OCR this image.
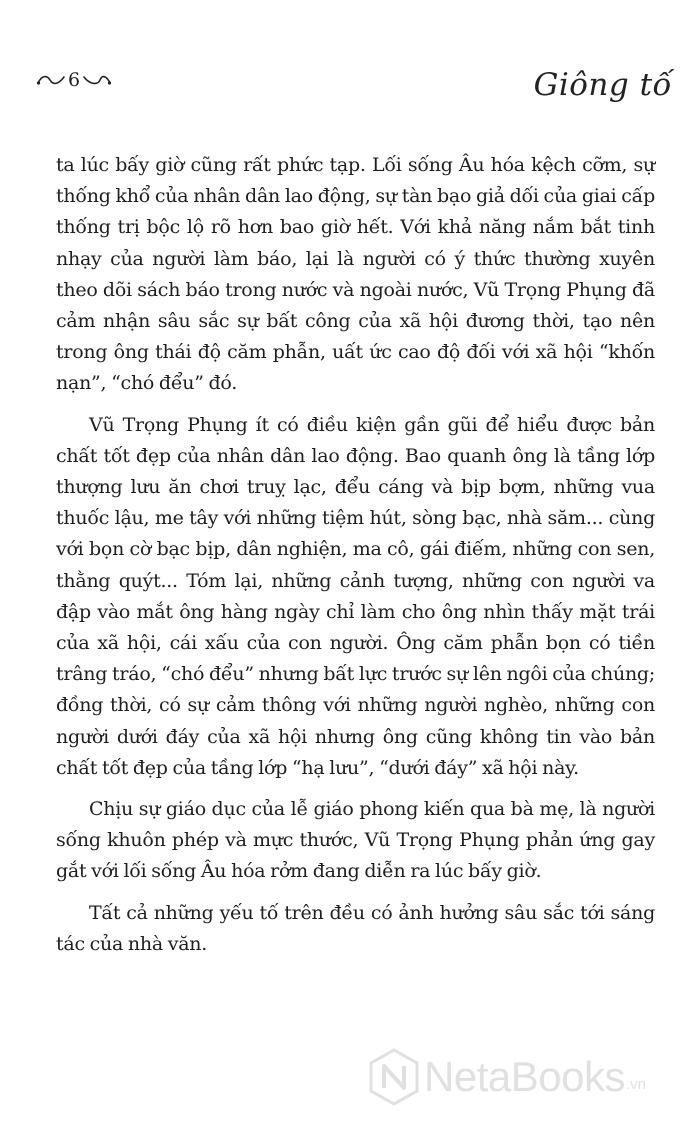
6	Giông tố

ta lúc bấy giờ cũng rất phức tạp. Lối sống Âu hóa kệch cỡm, sự thống khổ của nhân dân lao động, sự tàn bạo giả dối của giai cấp thống trị bộc lộ rõ hơn bao giờ hết. Với khả năng nắm bắt tinh nhạy của người làm báo, lại là người có ý thức thường xuyên theo dõi sách báo trong nước và ngoài nước, Vũ Trọng Phụng đã cảm nhận sâu sắc sự bất công của xã hội đương thời, tạo nên trong ông thái độ căm phẫn, uất ức cao độ đối với xã hội “khốn nạn”, “chó đểu” đó.

Vũ Trọng Phụng ít có điều kiện gần gũi để hiểu được bản chất tốt đẹp của nhân dân lao động. Bao quanh ông là tầng lớp thượng lưu ăn chơi truỵ lạc, đểu cáng và bịp bợm, những vua thuốc lậu, me tây với những tiệm hút, sòng bạc, nhà săm... cùng với bọn cờ bạc bịp, dân nghiện, ma cô, gái điếm, những con sen, thằng quýt... Tóm lại, những cảnh tượng, những con người va đập vào mắt ông hàng ngày chỉ làm cho ông nhìn thấy mặt trái của xã hội, cái xấu của con người. Ông căm phẫn bọn có tiền trâng tráo, “chó đểu” nhưng bất lực trước sự lên ngôi của chúng; đồng thời, có sự cảm thông với những người nghèo, những con người dưới đáy của xã hội nhưng ông cũng không tin vào bản chất tốt đẹp của tầng lớp “hạ lưu”, “dưới đáy” xã hội này.

Chịu sự giáo dục của lễ giáo phong kiến qua bà mẹ, là người sống khuôn phép và mực thước, Vũ Trọng Phụng phản ứng gay gắt với lối sống Âu hóa rởm đang diễn ra lúc bấy giờ.

Tất cả những yếu tố trên đều có ảnh hưởng sâu sắc tới sáng tác của nhà văn.

NetaBooks .vn
